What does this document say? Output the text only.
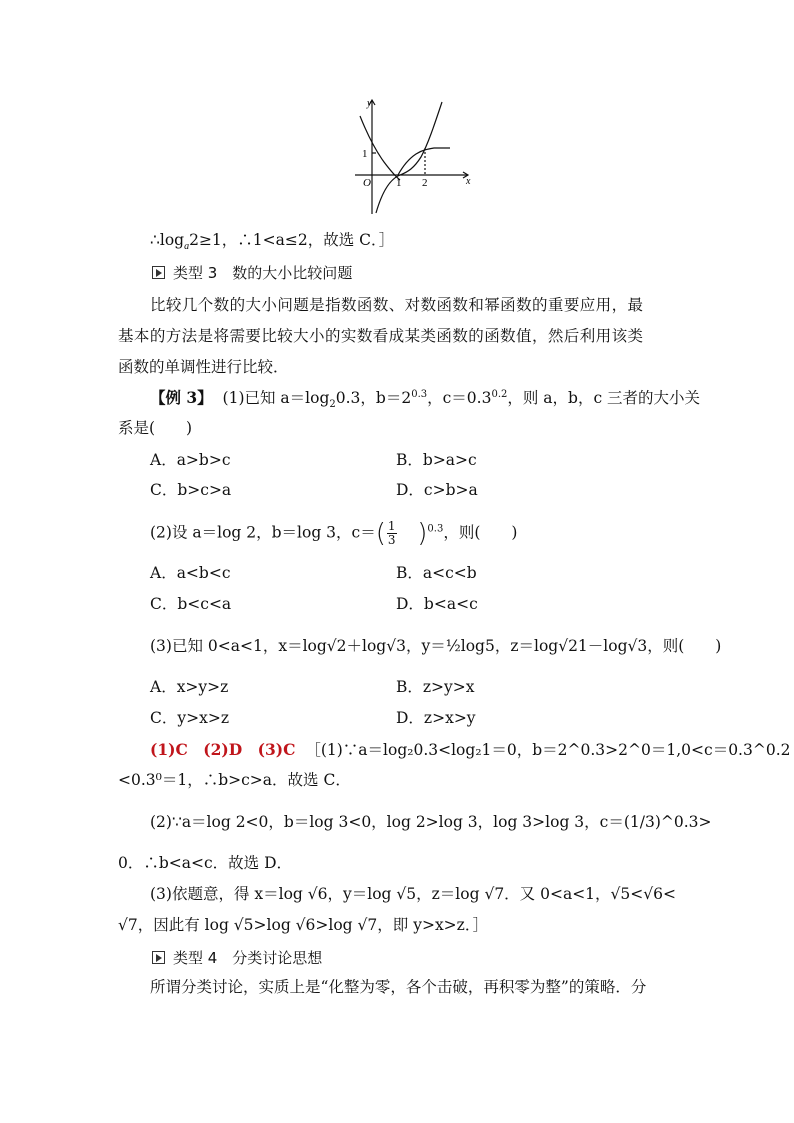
y
x
O 1 2
1
$\therefore\log_a2\ge 1$，∴1<a≤2，故选 C．］
类型 3　数的大小比较问题
比较几个数的大小问题是指数函数、对数函数和幂函数的重要应用，最基本的方法是将需要比较大小的实数看成某类函数的函数值，然后利用该类函数的单调性进行比较．
【例 3】 (1)已知 $a=\log_20.3$，$b=2^{0.3}$，$c=0.3^{0.2}$，则 a，b，c 三者的大小关
系是(　　)
A．a>b>c	B．b>a>c
C．b>c>a	D．c>b>a
(2)设 a＝log 2，b＝log 3，$c=( \frac{1}{3} )^{0.3}$，则(　　)
A．a<b<c	B．a<c<b
C．b<c<a	D．b<a<c
(3)已知 0<a<1，x＝log√2＋log√3，y＝½log5，z＝log√21－log√3，则(　　)
A．x>y>z	B．z>y>x
C．y>x>z	D．z>x>y
(1)C　(2)D　(3)C ［(1)∵a＝log₂0.3<log₂1＝0，b＝2^0.3>2^0＝1,0<c＝0.3^0.2
<0.3⁰＝1，∴b>c>a．故选 C．
(2)∵a＝log 2<0，b＝log 3<0，log 2>log 3，log 3>log 3，c＝(1/3)^0.3>
0．∴b<a<c．故选 D．
(3)依题意，得 x＝log √6，y＝log √5，z＝log √7．又 0<a<1，√5<√6<
√7，因此有 log √5>log √6>log √7，即 y>x>z．］
类型 4　分类讨论思想
所谓分类讨论，实质上是“化整为零，各个击破，再积零为整”的策略．分
